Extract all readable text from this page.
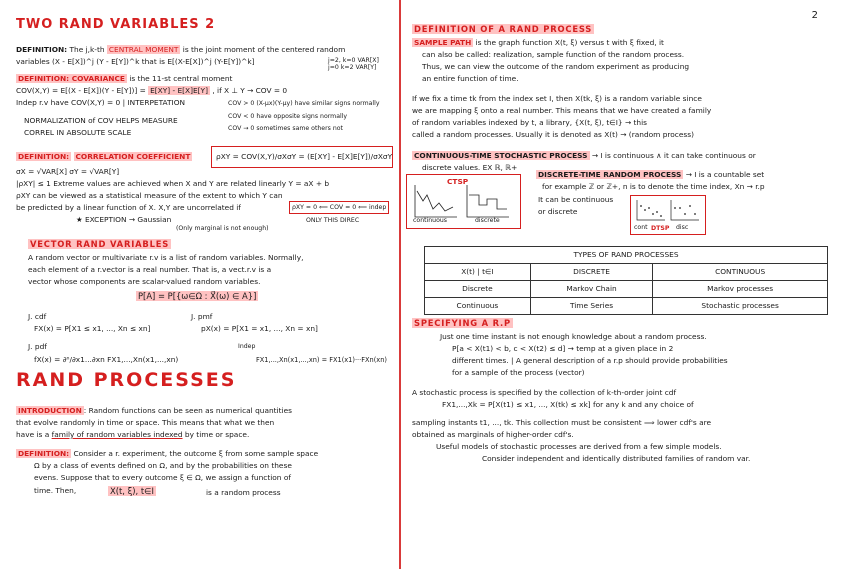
2
TWO RAND VARIABLES 2
DEFINITION: The j,k-th CENTRAL MOMENT is the joint moment of the centered random
variables (X - E[X])^j (Y - E[Y])^k that is E[(X-E[X])^j (Y-E[Y])^k]	j=2, k=0 VAR[X]
j=0 k=2 VAR[Y]
DEFINITION: COVARIANCE is the 11-st central moment
COV(X,Y) = E[(X - E[X])(Y - E[Y])] = E[XY] - E[X]E[Y] , if X ⊥ Y → COV = 0
Indep r.v have COV(X,Y) = 0 | INTERPETATION	COV > 0 (X-μx)(Y-μy) have similar signs normally
COV < 0 have opposite signs normally
COV → 0 sometimes same others not
NORMALIZATION of COV HELPS MEASURE
CORREL IN ABSOLUTE SCALE
DEFINITION: CORRELATION COEFFICIENT	ρXY = COV(X,Y)/σXσY = (E[XY] - E[X]E[Y])/σXσY
σX = √VAR[X] σY = √VAR[Y]
|ρXY| ≤ 1 Extreme values are achieved when X and Y are related linearly Y = aX + b
ρXY can be viewed as a statistical measure of the extent to which Y can
be predicted by a linear function of X. X,Y are uncorrelated if	ρXY = 0 ⟸ COV = 0 ⟸ indep
ONLY THIS DIREC
★ EXCEPTION → Gaussian
(Only marginal is not enough)
VECTOR RAND VARIABLES
A random vector or multivariate r.v is a list of random variables. Normally,
each element of a r.vector is a real number. That is, a vect.r.v is a
vector whose components are scalar-valued random variables.
P[A] = P[{ω∈Ω : X⃗(ω) ∈ A}]
J. cdf
FX(x) = P[X1 ≤ x1, ..., Xn ≤ xn]
J. pmf
pX(x) = P[X1 = x1, ..., Xn = xn]
J. pdf
fX(x) = ∂ⁿ/∂x1...∂xn FX1,...,Xn(x1,...,xn)
Indep
FX1,...,Xn(x1,...,xn) = FX1(x1)···FXn(xn)
RAND PROCESSES
INTRODUCTION : Random functions can be seen as numerical quantities
that evolve randomly in time or space. This means that what we then
have is a family of random variables indexed by time or space.
DEFINITION: Consider a r. experiment, the outcome ξ from some sample space
Ω by a class of events defined on Ω, and by the probabilities on these
evens. Suppose that to every outcome ξ ∈ Ω, we assign a function of
time. Then,	X(t, ξ), t∈I	is a random process
DEFINITION OF A RAND PROCESS
SAMPLE PATH is the graph function X(t, ξ) versus t with ξ fixed, it
can also be called: realization, sample function of the random process.
Thus, we can view the outcome of the random experiment as producing
an entire function of time.
If we fix a time tk from the index set I, then X(tk, ξ) is a random variable since
we are mapping ξ onto a real number. This means that we have created a family
of random variables indexed by t, a library, {X(t, ξ), t∈I} → this
called a random processes. Usually it is denoted as X(t) → (random process)
CONTINUOUS-TIME STOCHASTIC PROCESS → I is continuous ∧ it can take continuous or
discrete values. EX ℝ, ℝ+
CTSP
continuous	discrete
DISCRETE-TIME RANDOM PROCESS → I is a countable set
for example ℤ or ℤ+, n is to denote the time index, Xn → r.p
It can be continuous
or discrete
cont DTSP disc
TYPES OF RAND PROCESSES		
X(t) | t∈I	DISCRETE	CONTINUOUS
Discrete	Markov Chain	Markov processes
Continuous	Time Series	Stochastic processes
SPECIFYING A R.P
Just one time instant is not enough knowledge about a random process.
P[a < X(t1) < b, c < X(t2) ≤ d] → temp at a given place in 2
different times. | A general description of a r.p should provide probabilities
for a sample of the process (vector)
A stochastic process is specified by the collection of k-th-order joint cdf
FX1,...,Xk = P[X(t1) ≤ x1, ..., X(tk) ≤ xk] for any k and any choice of
sampling instants t1, ..., tk. This collection must be consistent ⟹ lower cdf's are
obtained as marginals of higher-order cdf's.
Useful models of stochastic processes are derived from a few simple models.
Consider independent and identically distributed families of random var.
